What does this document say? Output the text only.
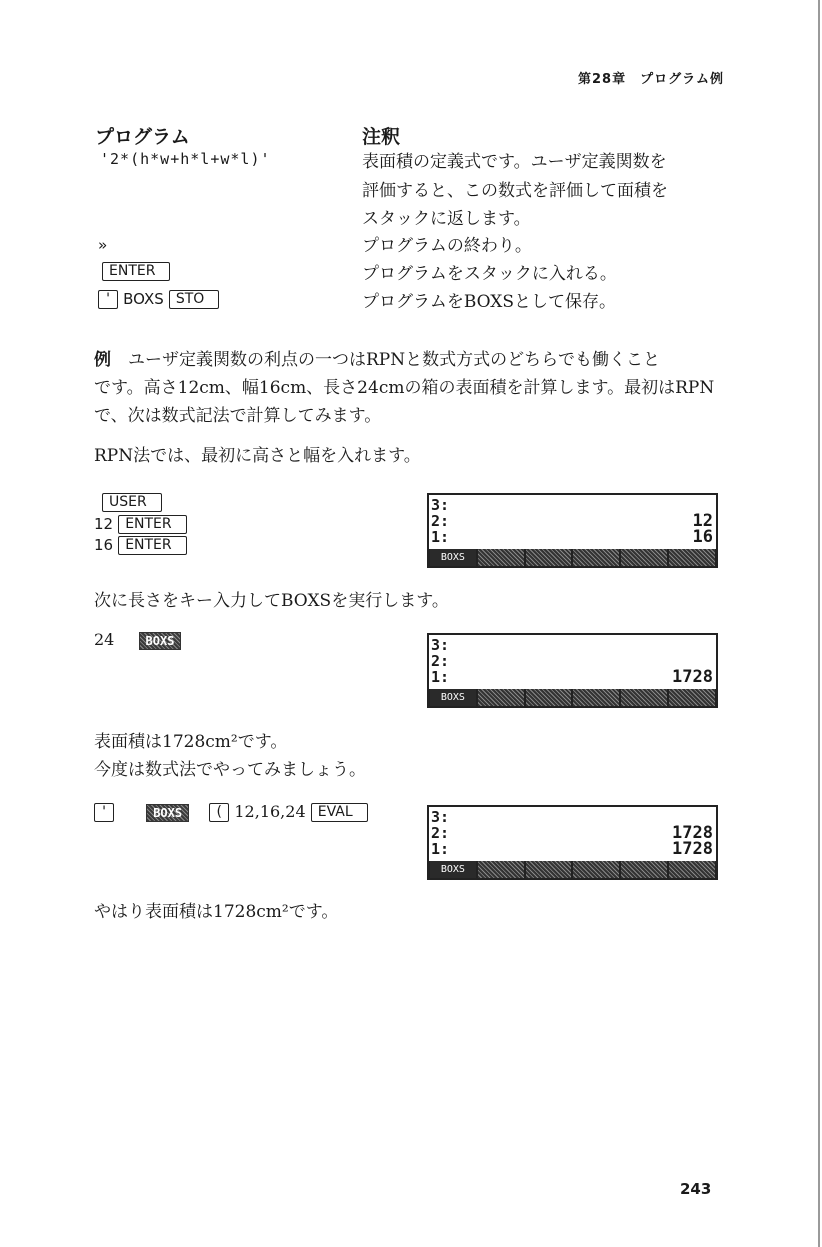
第28章　プログラム例
プログラム	注釈
'2*(h*w+h*l+w*l)'	表面積の定義式です。ユーザ定義関数を
評価すると、この数式を評価して面積を
スタックに返します。
»	プログラムの終わり。
ENTER	プログラムをスタックに入れる。
' BOXS STO	プログラムをBOXSとして保存。
例　ユーザ定義関数の利点の一つはRPNと数式方式のどちらでも働くこと
です。高さ12cm、幅16cm、長さ24cmの箱の表面積を計算します。最初はRPN
で、次は数式記法で計算してみます。
RPN法では、最初に高さと幅を入れます。
USER
12 ENTER
16 ENTER
3:
2:
1:
12
16
BOXS
次に長さをキー入力してBOXSを実行します。
24	BOXS	3:
2:
1:	1728
BOXS
表面積は1728cm²です。
今度は数式法でやってみましょう。
'	BOXS ( 12,16,24 EVAL	3:
2:
1:
1728
1728
BOXS
やはり表面積は1728cm²です。
243
